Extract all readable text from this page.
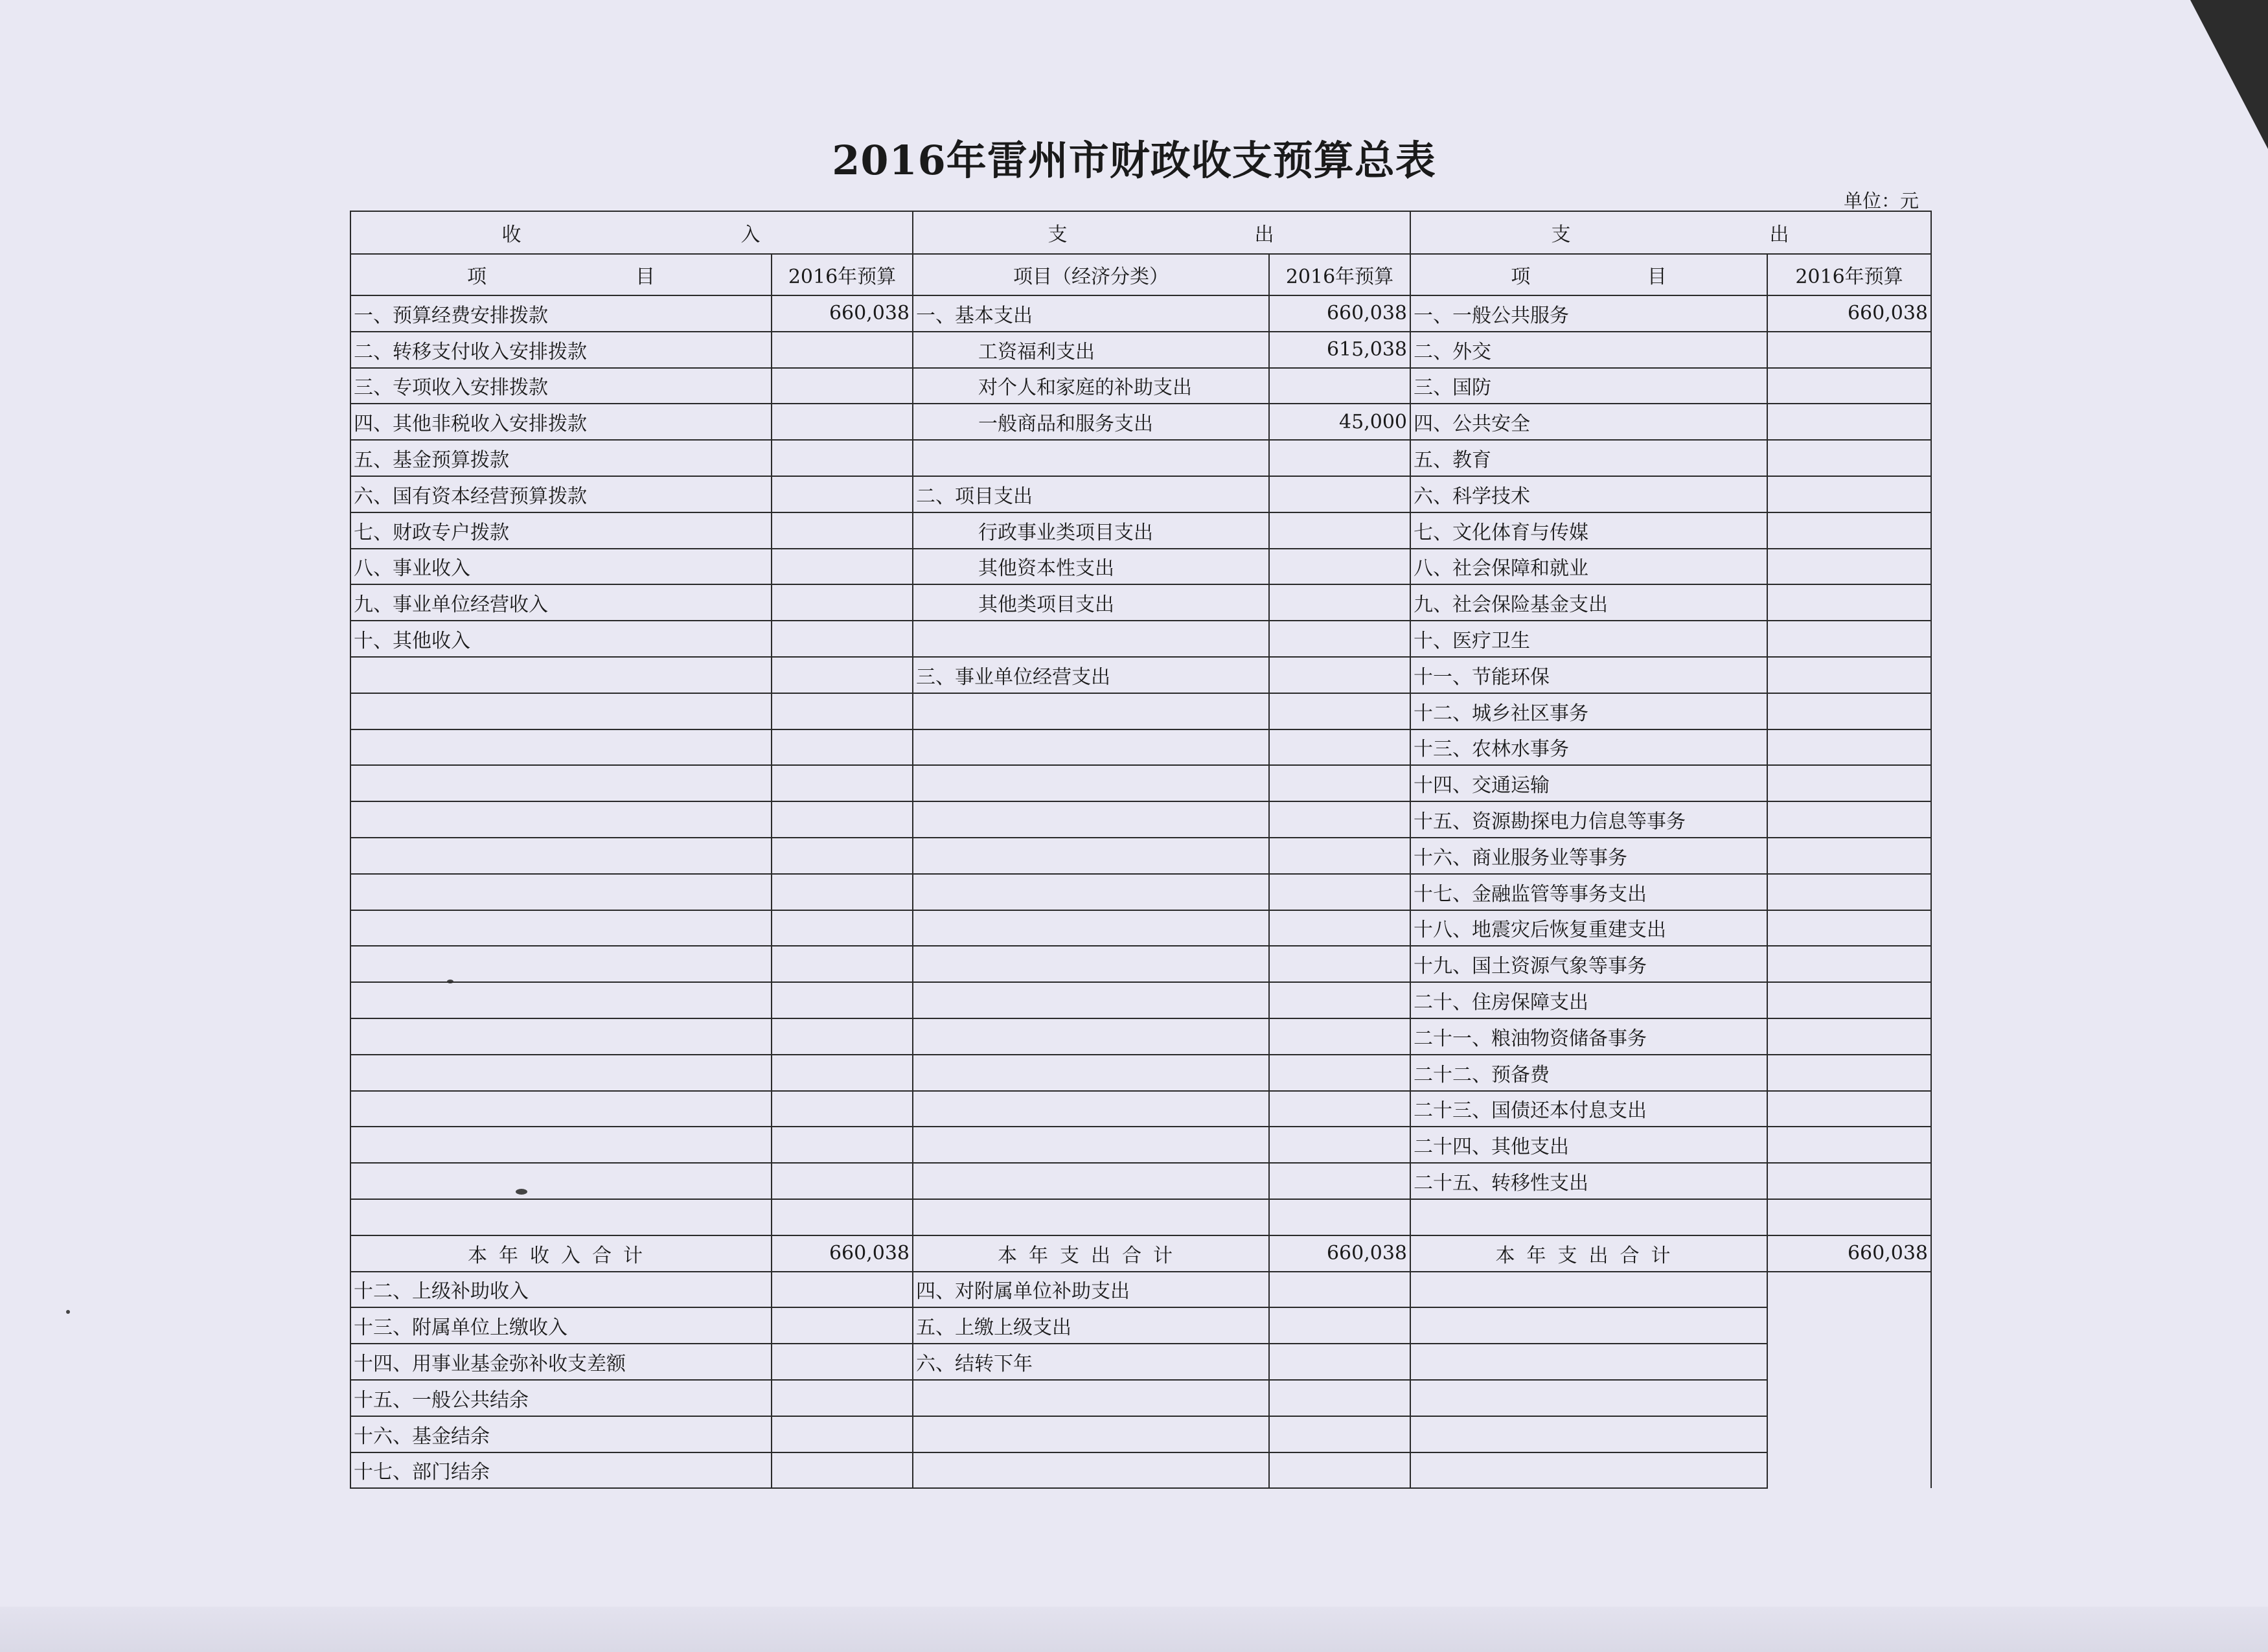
2016年雷州市财政收支预算总表
单位：元
收 入		支 出		支 出	

项 目	2016年预算	项目（经济分类）	2016年预算	项 目	2016年预算
一、预算经费安排拨款	660,038	一、基本支出	660,038	一、一般公共服务	660,038
二、转移支付收入安排拨款		工资福利支出	615,038	二、外交	
三、专项收入安排拨款		对个人和家庭的补助支出		三、国防	
四、其他非税收入安排拨款		一般商品和服务支出	45,000	四、公共安全	
五、基金预算拨款				五、教育	
六、国有资本经营预算拨款		二、项目支出		六、科学技术	
七、财政专户拨款		行政事业类项目支出		七、文化体育与传媒	
八、事业收入		其他资本性支出		八、社会保障和就业	
九、事业单位经营收入		其他类项目支出		九、社会保险基金支出	
十、其他收入				十、医疗卫生	
		三、事业单位经营支出		十一、节能环保	
				十二、城乡社区事务	
				十三、农林水事务	
				十四、交通运输	
				十五、资源勘探电力信息等事务	
				十六、商业服务业等事务	
				十七、金融监管等事务支出	
				十八、地震灾后恢复重建支出	
				十九、国土资源气象等事务	
				二十、住房保障支出	
				二十一、粮油物资储备事务	
				二十二、预备费	
				二十三、国债还本付息支出	
				二十四、其他支出	
				二十五、转移性支出	

本年收入合计	660,038	本年支出合计	660,038	本年支出合计	660,038
十二、上级补助收入		四、对附属单位补助支出			
十三、附属单位上缴收入		五、上缴上级支出			
十四、用事业基金弥补收支差额		六、结转下年			
十五、一般公共结余					
十六、基金结余					
十七、部门结余					
